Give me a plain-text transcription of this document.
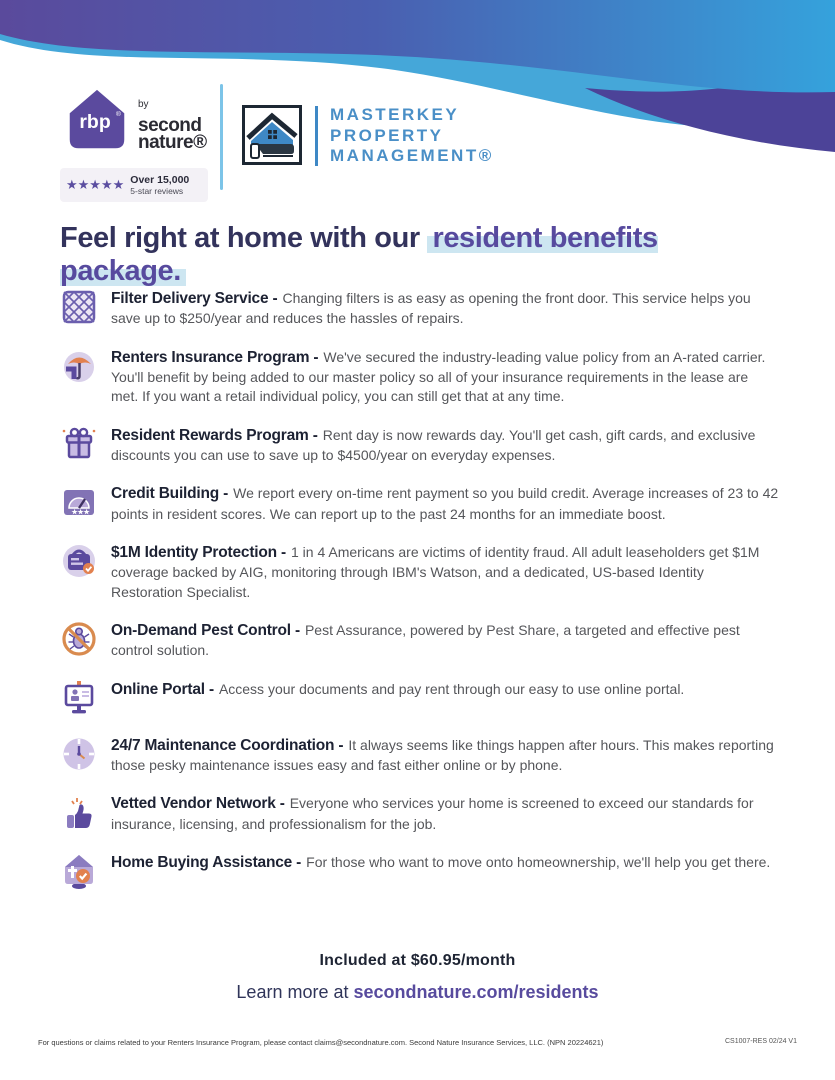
rbp ®
$^{by}$ second
nature®
★★★★★ Over 15,000
5-star reviews
MASTERKEY
PROPERTY
MANAGEMENT®
Feel right at home with our resident benefits package.

Filter Delivery Service - Changing filters is as easy as opening the front door. This service helps you save up to $250/year and reduces the hassles of repairs.

Renters Insurance Program - We've secured the industry-leading value policy from an A-rated carrier. You'll benefit by being added to our master policy so all of your insurance requirements in the lease are met. If you want a retail individual policy, you can still get that at any time.

Resident Rewards Program - Rent day is now rewards day. You'll get cash, gift cards, and exclusive discounts you can use to save up to $4500/year on everyday expenses.

★
★
★

Credit Building - We report every on-time rent payment so you build credit. Average increases of 23 to 42 points in resident scores. We can report up to the past 24 months for an immediate boost.

$1M Identity Protection - 1 in 4 Americans are victims of identity fraud. All adult leaseholders get $1M coverage backed by AIG, monitoring through IBM's Watson, and a dedicated, US-based Identity Restoration Specialist.

On-Demand Pest Control - Pest Assurance, powered by Pest Share, a targeted and effective pest control solution.

Online Portal - Access your documents and pay rent through our easy to use online portal.

24/7 Maintenance Coordination - It always seems like things happen after hours. This makes reporting those pesky maintenance issues easy and fast either online or by phone.

Vetted Vendor Network - Everyone who services your home is screened to exceed our standards for insurance, licensing, and professionalism for the job.

Home Buying Assistance - For those who want to move onto homeownership, we'll help you get there.

Included at $60.95/month
Learn more at secondnature.com/residents
For questions or claims related to your Renters Insurance Program, please contact claims@secondnature.com. Second Nature Insurance Services, LLC. (NPN 20224621)	CS1007-RES 02/24 V1
